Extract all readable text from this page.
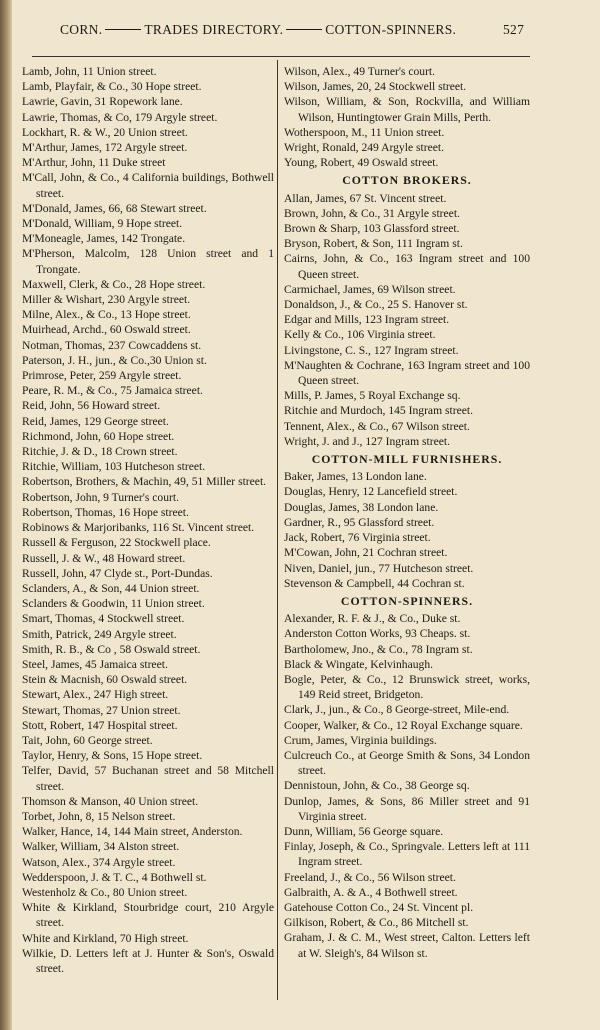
CORN.	TRADES DIRECTORY.	COTTON-SPINNERS.	527
Lamb, John, 11 Union street.
Lamb, Playfair, & Co., 30 Hope street.
Lawrie, Gavin, 31 Ropework lane.
Lawrie, Thomas, & Co, 179 Argyle street.
Lockhart, R. & W., 20 Union street.
M'Arthur, James, 172 Argyle street.
M'Arthur, John, 11 Duke street
M'Call, John, & Co., 4 California buildings, Bothwell street.
M'Donald, James, 66, 68 Stewart street.
M'Donald, William, 9 Hope street.
M'Moneagle, James, 142 Trongate.
M'Pherson, Malcolm, 128 Union street and 1 Trongate.
Maxwell, Clerk, & Co., 28 Hope street.
Miller & Wishart, 230 Argyle street.
Milne, Alex., & Co., 13 Hope street.
Muirhead, Archd., 60 Oswald street.
Notman, Thomas, 237 Cowcaddens st.
Paterson, J. H., jun., & Co.,30 Union st.
Primrose, Peter, 259 Argyle street.
Peare, R. M., & Co., 75 Jamaica street.
Reid, John, 56 Howard street.
Reid, James, 129 George street.
Richmond, John, 60 Hope street.
Ritchie, J. & D., 18 Crown street.
Ritchie, William, 103 Hutcheson street.
Robertson, Brothers, & Machin, 49, 51 Miller street.
Robertson, John, 9 Turner's court.
Robertson, Thomas, 16 Hope street.
Robinows & Marjoribanks, 116 St. Vincent street.
Russell & Ferguson, 22 Stockwell place.
Russell, J. & W., 48 Howard street.
Russell, John, 47 Clyde st., Port-Dundas.
Sclanders, A., & Son, 44 Union street.
Sclanders & Goodwin, 11 Union street.
Smart, Thomas, 4 Stockwell street.
Smith, Patrick, 249 Argyle street.
Smith, R. B., & Co , 58 Oswald street.
Steel, James, 45 Jamaica street.
Stein & Macnish, 60 Oswald street.
Stewart, Alex., 247 High street.
Stewart, Thomas, 27 Union street.
Stott, Robert, 147 Hospital street.
Tait, John, 60 George street.
Taylor, Henry, & Sons, 15 Hope street.
Telfer, David, 57 Buchanan street and 58 Mitchell street.
Thomson & Manson, 40 Union street.
Torbet, John, 8, 15 Nelson street.
Walker, Hance, 14, 144 Main street, Anderston.
Walker, William, 34 Alston street.
Watson, Alex., 374 Argyle street.
Wedderspoon, J. & T. C., 4 Bothwell st.
Westenholz & Co., 80 Union street.
White & Kirkland, Stourbridge court, 210 Argyle street.
White and Kirkland, 70 High street.
Wilkie, D. Letters left at J. Hunter & Son's, Oswald street.
Wilson, Alex., 49 Turner's court.
Wilson, James, 20, 24 Stockwell street.
Wilson, William, & Son, Rockvilla, and William Wilson, Huntingtower Grain Mills, Perth.
Wotherspoon, M., 11 Union street.
Wright, Ronald, 249 Argyle street.
Young, Robert, 49 Oswald street.
COTTON BROKERS.
Allan, James, 67 St. Vincent street.
Brown, John, & Co., 31 Argyle street.
Brown & Sharp, 103 Glassford street.
Bryson, Robert, & Son, 111 Ingram st.
Cairns, John, & Co., 163 Ingram street and 100 Queen street.
Carmichael, James, 69 Wilson street.
Donaldson, J., & Co., 25 S. Hanover st.
Edgar and Mills, 123 Ingram street.
Kelly & Co., 106 Virginia street.
Livingstone, C. S., 127 Ingram street.
M'Naughten & Cochrane, 163 Ingram street and 100 Queen street.
Mills, P. James, 5 Royal Exchange sq.
Ritchie and Murdoch, 145 Ingram street.
Tennent, Alex., & Co., 67 Wilson street.
Wright, J. and J., 127 Ingram street.
COTTON-MILL FURNISHERS.
Baker, James, 13 London lane.
Douglas, Henry, 12 Lancefield street.
Douglas, James, 38 London lane.
Gardner, R., 95 Glassford street.
Jack, Robert, 76 Virginia street.
M'Cowan, John, 21 Cochran street.
Niven, Daniel, jun., 77 Hutcheson street.
Stevenson & Campbell, 44 Cochran st.
COTTON-SPINNERS.
Alexander, R. F. & J., & Co., Duke st.
Anderston Cotton Works, 93 Cheaps. st.
Bartholomew, Jno., & Co., 78 Ingram st.
Black & Wingate, Kelvinhaugh.
Bogle, Peter, & Co., 12 Brunswick street, works, 149 Reid street, Bridgeton.
Clark, J., jun., & Co., 8 George-street, Mile-end.
Cooper, Walker, & Co., 12 Royal Exchange square.
Crum, James, Virginia buildings.
Culcreuch Co., at George Smith & Sons, 34 London street.
Dennistoun, John, & Co., 38 George sq.
Dunlop, James, & Sons, 86 Miller street and 91 Virginia street.
Dunn, William, 56 George square.
Finlay, Joseph, & Co., Springvale. Letters left at 111 Ingram street.
Freeland, J., & Co., 56 Wilson street.
Galbraith, A. & A., 4 Bothwell street.
Gatehouse Cotton Co., 24 St. Vincent pl.
Gilkison, Robert, & Co., 86 Mitchell st.
Graham, J. & C. M., West street, Calton. Letters left at W. Sleigh's, 84 Wilson st.
